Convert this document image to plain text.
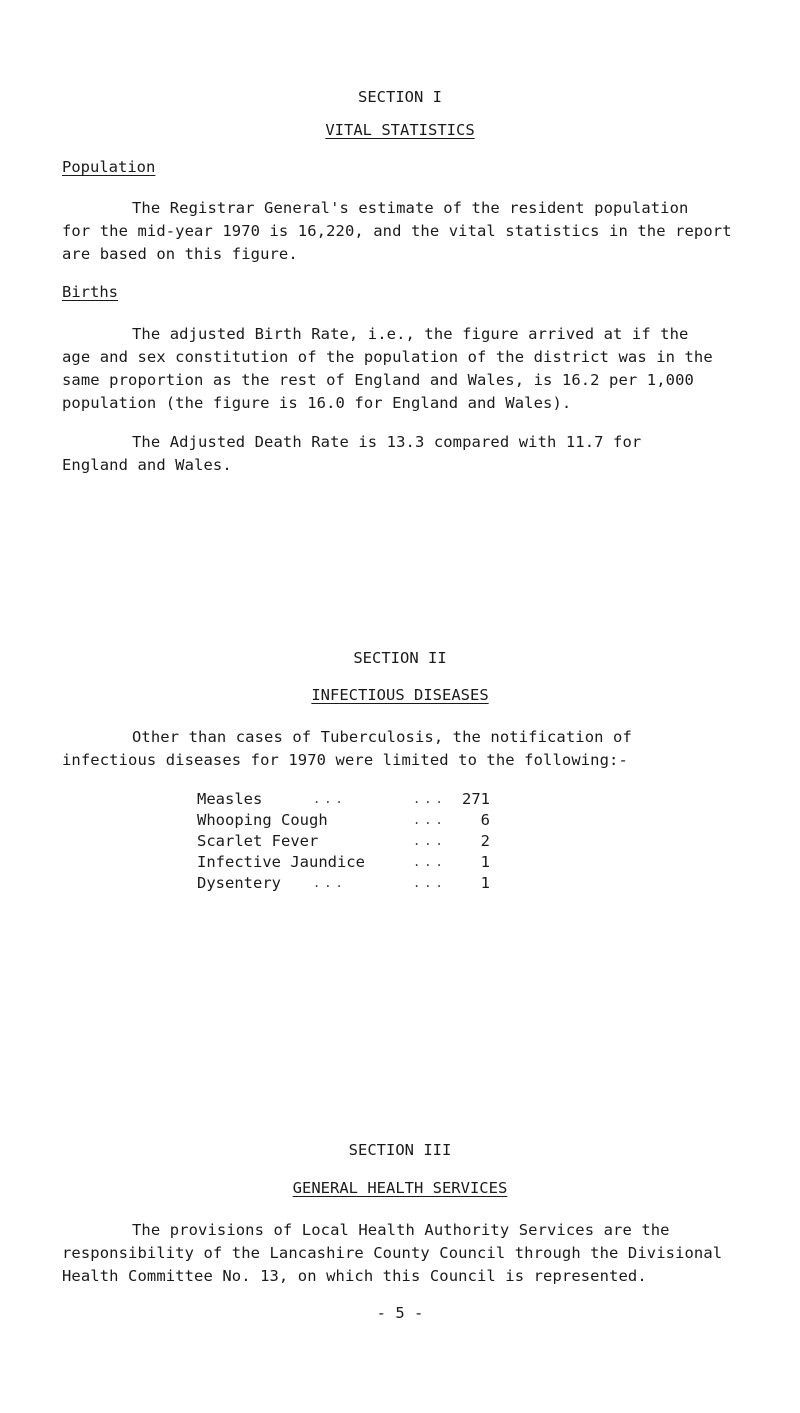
SECTION I
VITAL STATISTICS
Population
The Registrar General's estimate of the resident population
for the mid-year 1970 is 16,220, and the vital statistics in the report
are based on this figure.
Births
The adjusted Birth Rate, i.e., the figure arrived at if the
age and sex constitution of the population of the district was in the
same proportion as the rest of England and Wales, is 16.2 per 1,000
population (the figure is 16.0 for England and Wales).
The Adjusted Death Rate is 13.3 compared with 11.7 for
England and Wales.
SECTION II
INFECTIOUS DISEASES
Other than cases of Tuberculosis, the notification of
infectious diseases for 1970 were limited to the following:-
Measles	...	... 271
Whooping Cough	...	6
Scarlet Fever	...	2
Infective Jaundice	...	1
Dysentery	...	...	1
SECTION III
GENERAL HEALTH SERVICES
The provisions of Local Health Authority Services are the
responsibility of the Lancashire County Council through the Divisional
Health Committee No. 13, on which this Council is represented.
- 5 -
